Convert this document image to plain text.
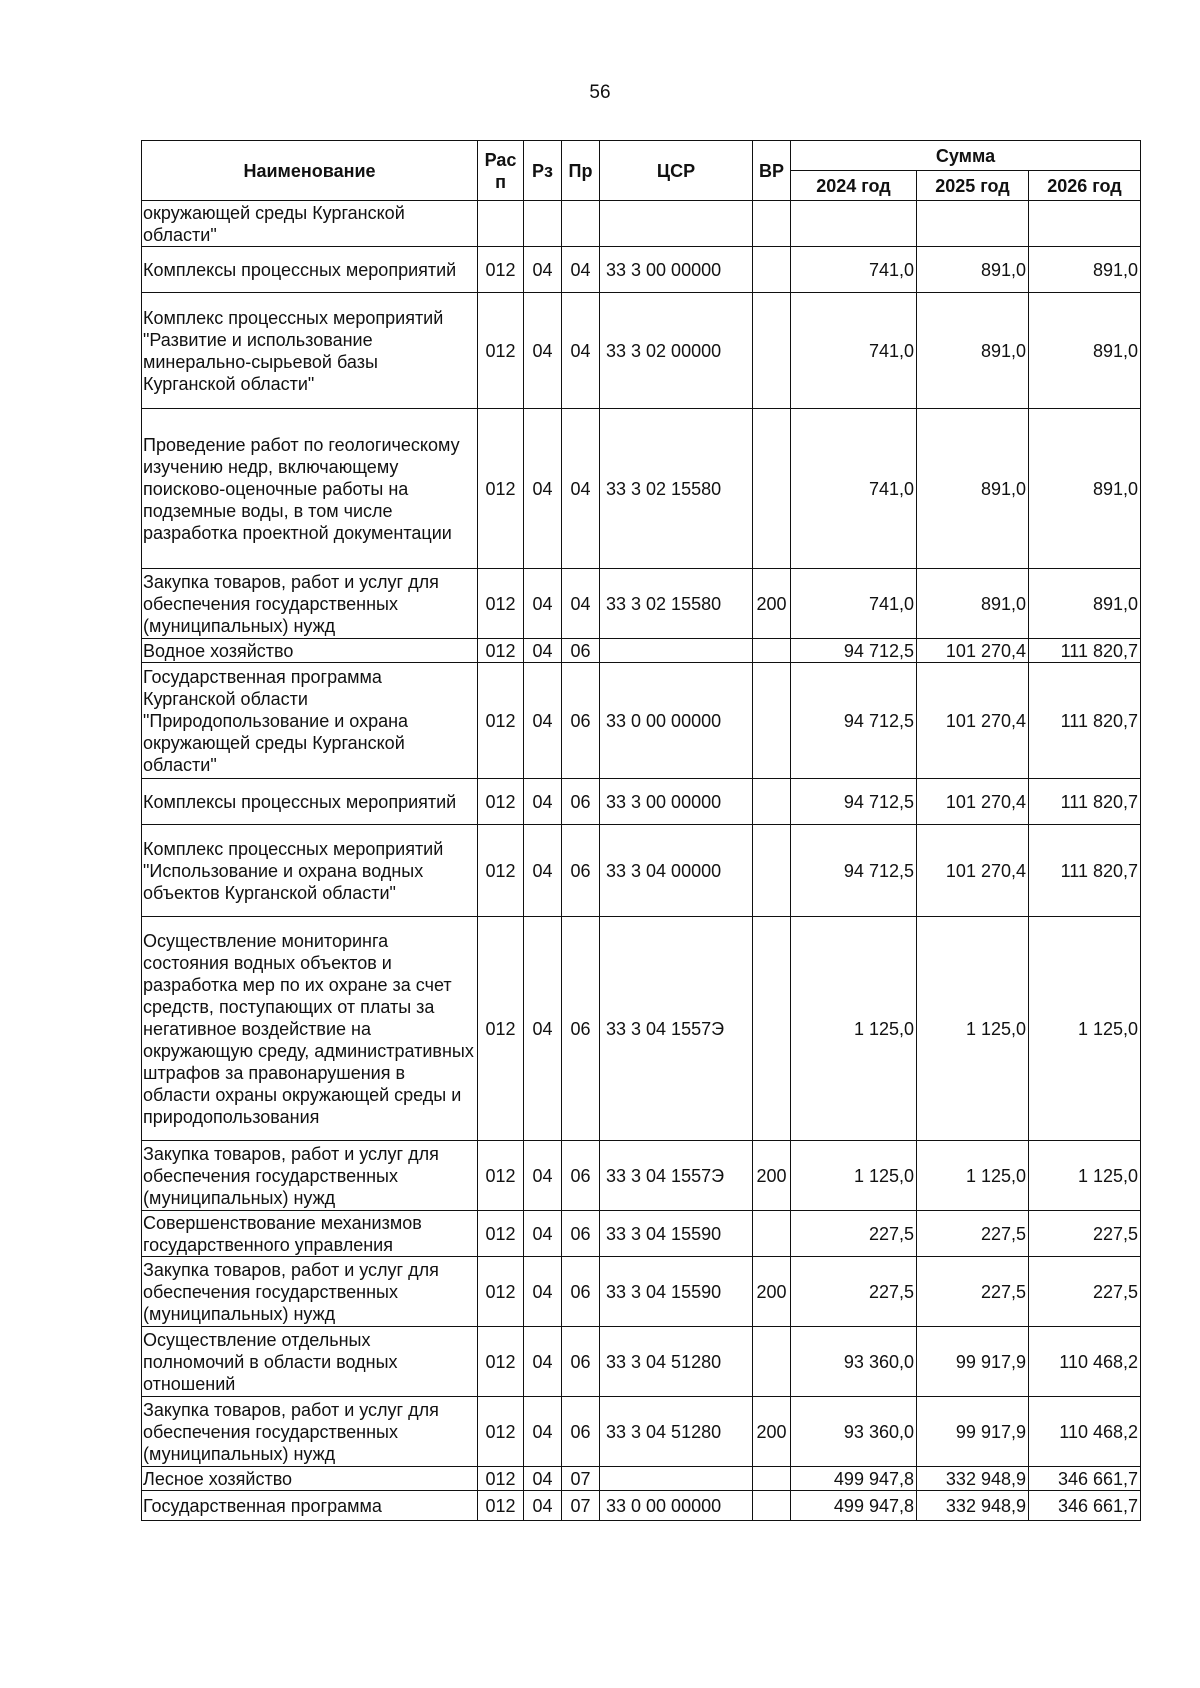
56
Наименование	Рас п	Рз	Пр	ЦСР	ВР	Сумма		
						2024 год	2025 год	2026 год
окружающей среды Курганской области"								
Комплексы процессных мероприятий	012	04	04	33 3 00 00000		741,0	891,0	891,0
Комплекс процессных мероприятий "Развитие и использование минерально-сырьевой базы Курганской области"	012	04	04	33 3 02 00000		741,0	891,0	891,0
Проведение работ по геологическому изучению недр, включающему поисково-оценочные работы на подземные воды, в том числе разработка проектной документации	012	04	04	33 3 02 15580		741,0	891,0	891,0
Закупка товаров, работ и услуг для обеспечения государственных (муниципальных) нужд	012	04	04	33 3 02 15580	200	741,0	891,0	891,0
Водное хозяйство	012	04	06			94 712,5	101 270,4	111 820,7
Государственная программа Курганской области "Природопользование и охрана окружающей среды Курганской области"	012	04	06	33 0 00 00000		94 712,5	101 270,4	111 820,7
Комплексы процессных мероприятий	012	04	06	33 3 00 00000		94 712,5	101 270,4	111 820,7
Комплекс процессных мероприятий "Использование и охрана водных объектов Курганской области"	012	04	06	33 3 04 00000		94 712,5	101 270,4	111 820,7
Осуществление мониторинга состояния водных объектов и разработка мер по их охране за счет средств, поступающих от платы за негативное воздействие на окружающую среду, административных штрафов за правонарушения в области охраны окружающей среды и природопользования	012	04	06	33 3 04 1557Э		1 125,0	1 125,0	1 125,0
Закупка товаров, работ и услуг для обеспечения государственных (муниципальных) нужд	012	04	06	33 3 04 1557Э	200	1 125,0	1 125,0	1 125,0
Совершенствование механизмов государственного управления	012	04	06	33 3 04 15590		227,5	227,5	227,5
Закупка товаров, работ и услуг для обеспечения государственных (муниципальных) нужд	012	04	06	33 3 04 15590	200	227,5	227,5	227,5
Осуществление отдельных полномочий в области водных отношений	012	04	06	33 3 04 51280		93 360,0	99 917,9	110 468,2
Закупка товаров, работ и услуг для обеспечения государственных (муниципальных) нужд	012	04	06	33 3 04 51280	200	93 360,0	99 917,9	110 468,2
Лесное хозяйство	012	04	07			499 947,8	332 948,9	346 661,7
Государственная программа	012	04	07	33 0 00 00000		499 947,8	332 948,9	346 661,7
